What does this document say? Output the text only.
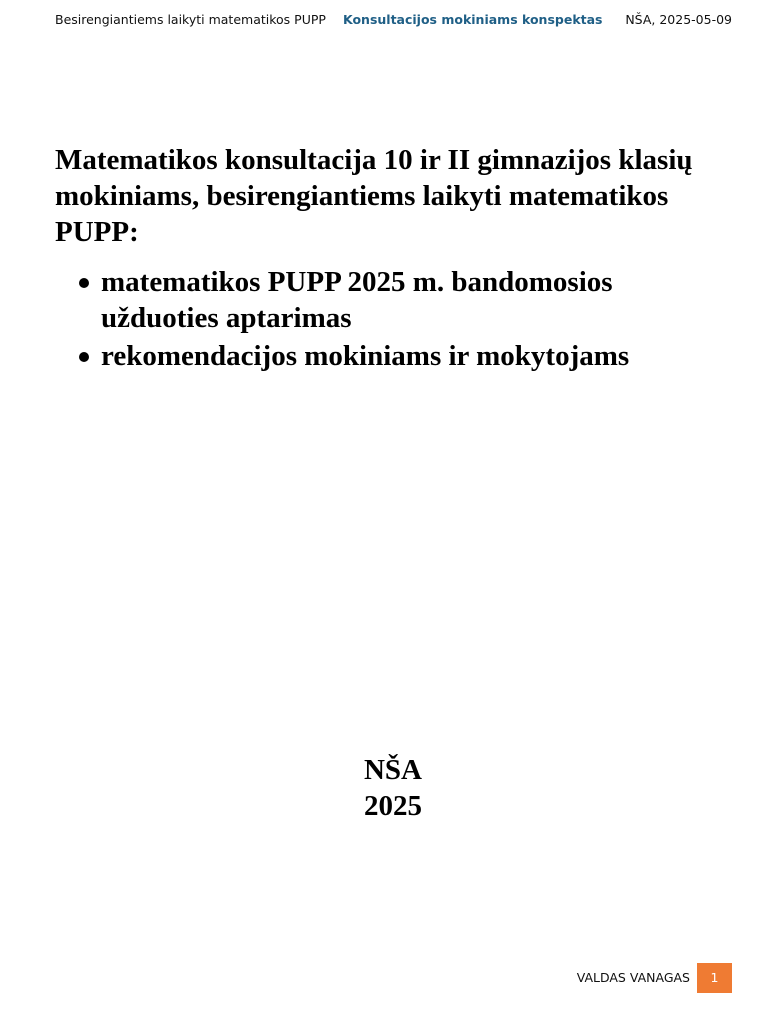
Besirengiantiems laikyti matematikos PUPP Konsultacijos mokiniams konspektas NŠA, 2025-05-09
Matematikos konsultacija 10 ir II gimnazijos klasių mokiniams, besirengiantiems laikyti matematikos PUPP:
matematikos PUPP 2025 m. bandomosios užduoties aptarimas
rekomendacijos mokiniams ir mokytojams
NŠA
2025
VALDAS VANAGAS	1
